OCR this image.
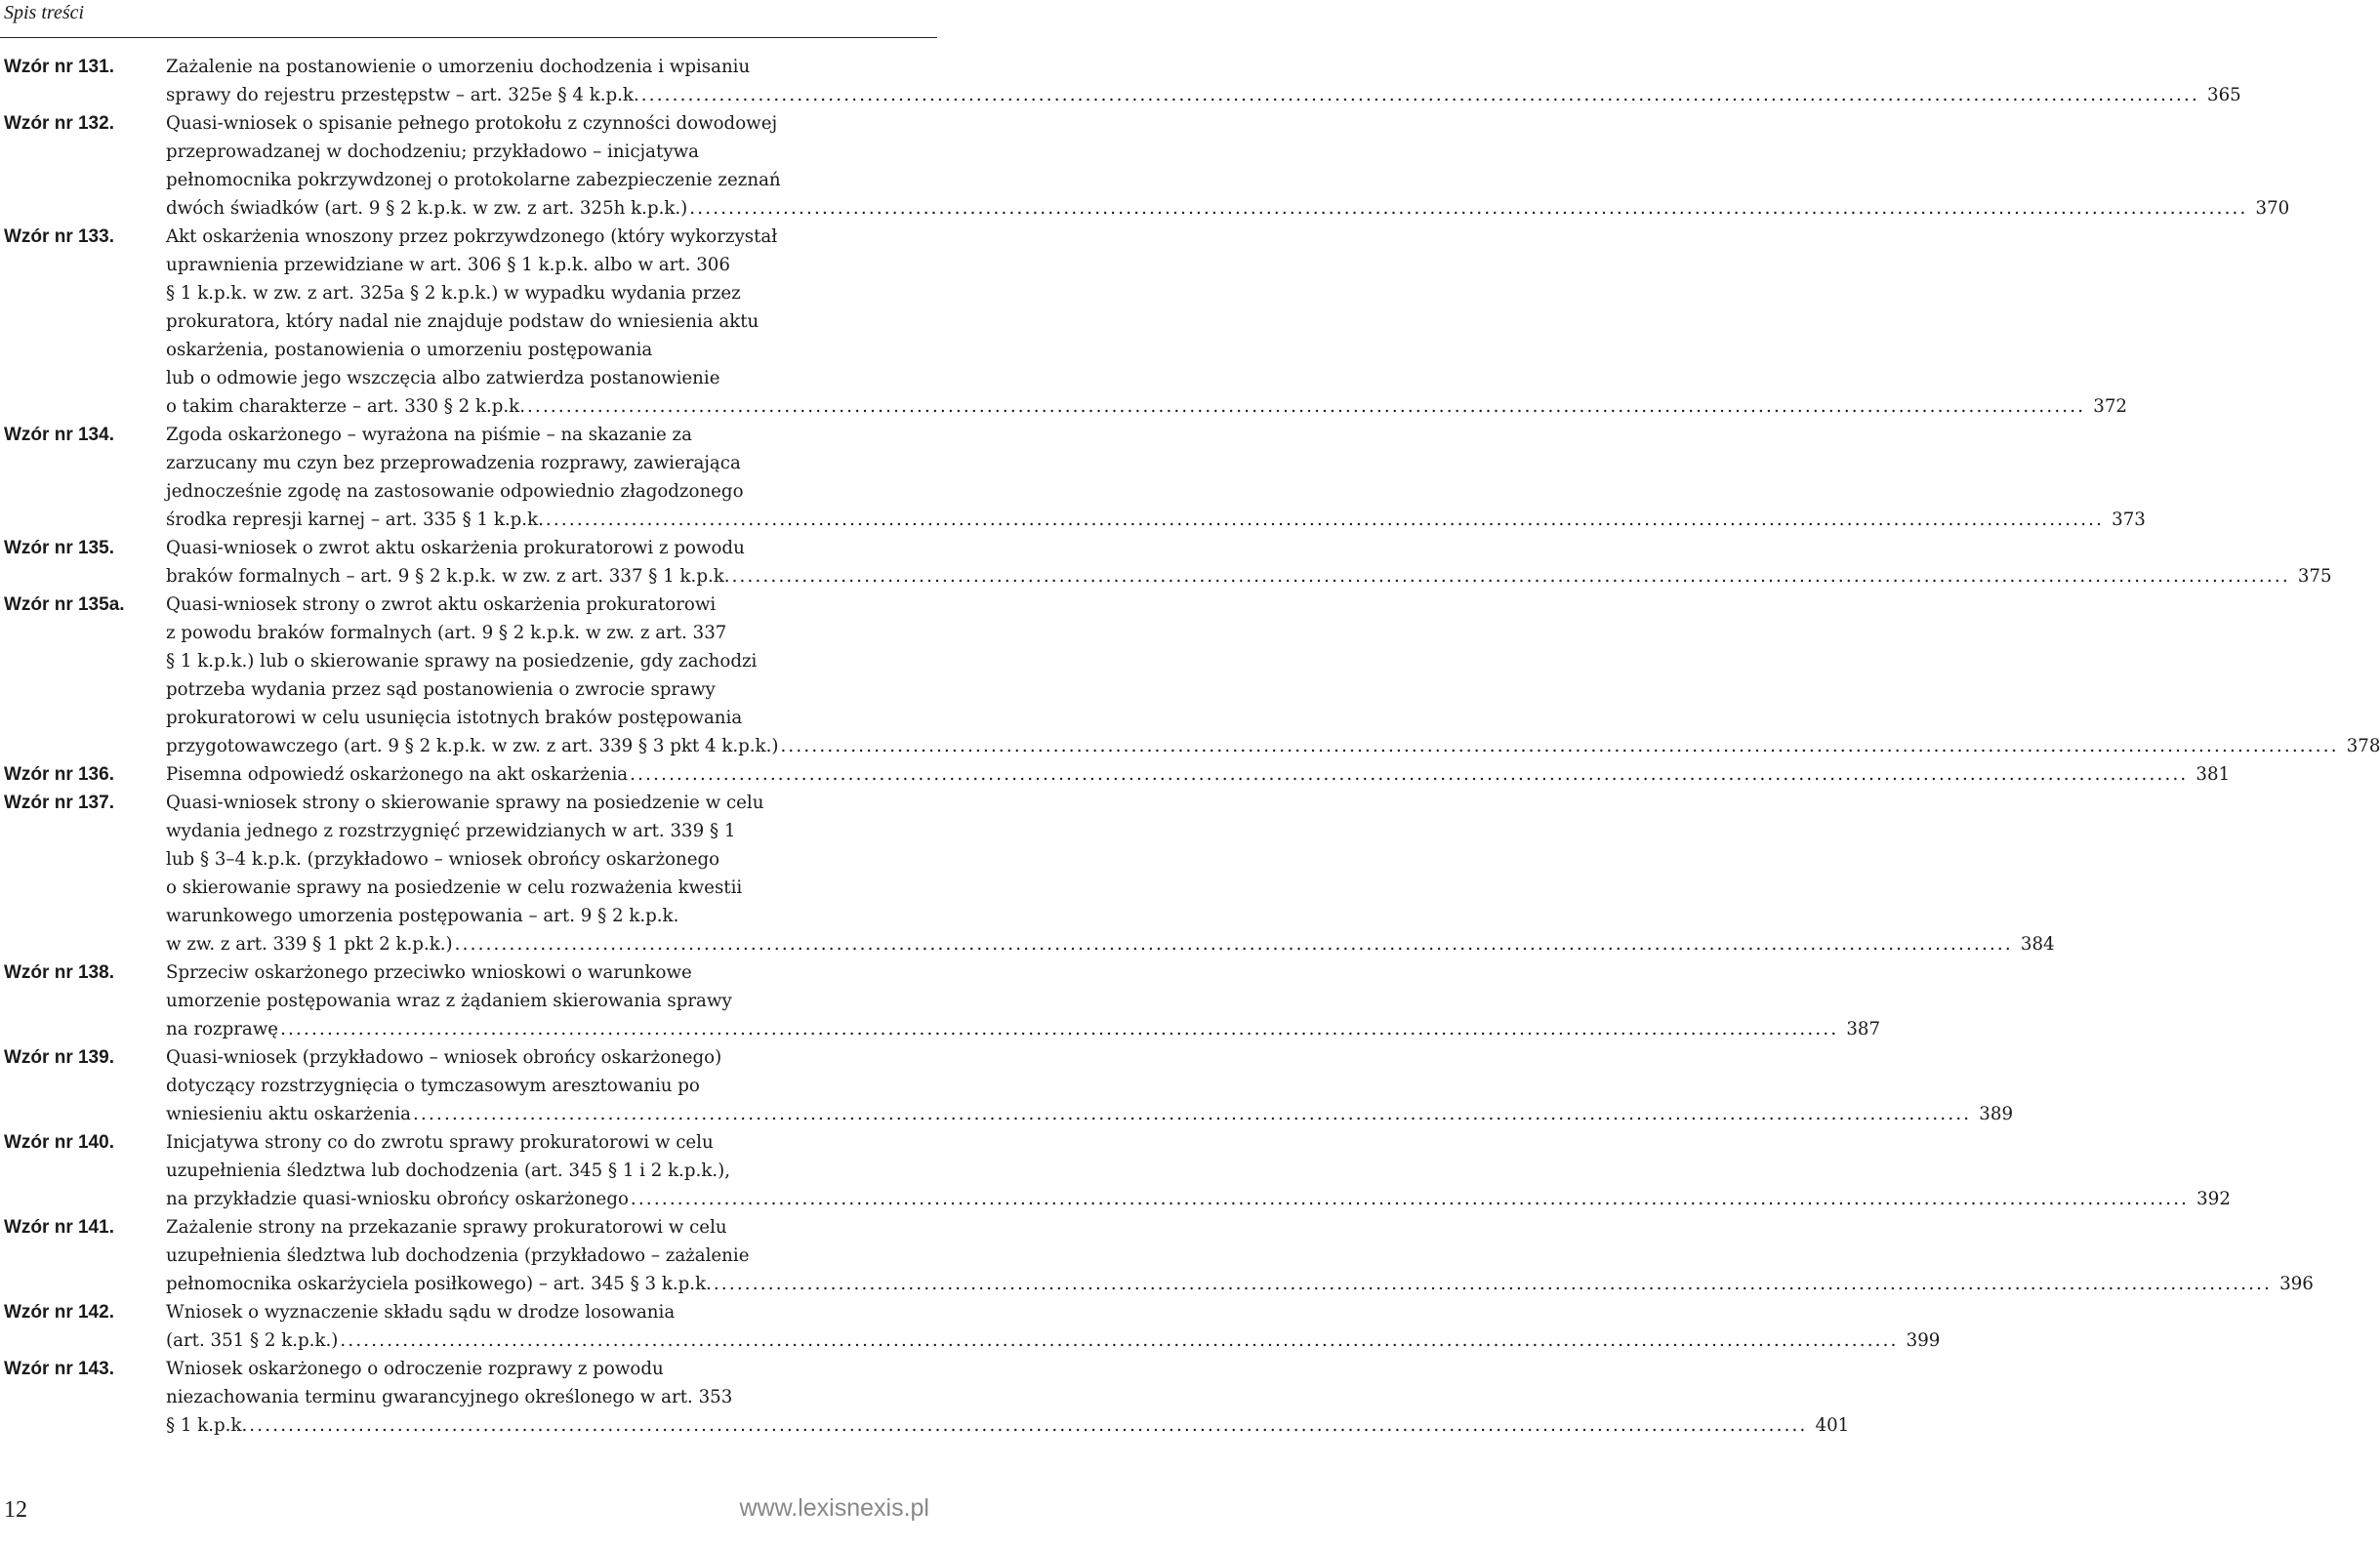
Spis treści
Wzór nr 131.	Zażalenie na postanowienie o umorzeniu dochodzenia i wpisaniu
sprawy do rejestru przestępstw – art. 325e § 4 k.p.k. ........................................................................................................................................................................................................ 365
Wzór nr 132.	Quasi-wniosek o spisanie pełnego protokołu z czynności dowodowej
przeprowadzanej w dochodzeniu; przykładowo – inicjatywa
pełnomocnika pokrzywdzonej o protokolarne zabezpieczenie zeznań
dwóch świadków (art. 9 § 2 k.p.k. w zw. z art. 325h k.p.k.) ........................................................................................................................................................................................................ 370
Wzór nr 133.	Akt oskarżenia wnoszony przez pokrzywdzonego (który wykorzystał
uprawnienia przewidziane w art. 306 § 1 k.p.k. albo w art. 306
§ 1 k.p.k. w zw. z art. 325a § 2 k.p.k.) w wypadku wydania przez
prokuratora, który nadal nie znajduje podstaw do wniesienia aktu
oskarżenia, postanowienia o umorzeniu postępowania
lub o odmowie jego wszczęcia albo zatwierdza postanowienie
o takim charakterze – art. 330 § 2 k.p.k. ........................................................................................................................................................................................................ 372
Wzór nr 134.	Zgoda oskarżonego – wyrażona na piśmie – na skazanie za
zarzucany mu czyn bez przeprowadzenia rozprawy, zawierająca
jednocześnie zgodę na zastosowanie odpowiednio złagodzonego
środka represji karnej – art. 335 § 1 k.p.k. ........................................................................................................................................................................................................ 373
Wzór nr 135.	Quasi-wniosek o zwrot aktu oskarżenia prokuratorowi z powodu
braków formalnych – art. 9 § 2 k.p.k. w zw. z art. 337 § 1 k.p.k. ........................................................................................................................................................................................................ 375
Wzór nr 135a.	Quasi-wniosek strony o zwrot aktu oskarżenia prokuratorowi
z powodu braków formalnych (art. 9 § 2 k.p.k. w zw. z art. 337
§ 1 k.p.k.) lub o skierowanie sprawy na posiedzenie, gdy zachodzi
potrzeba wydania przez sąd postanowienia o zwrocie sprawy
prokuratorowi w celu usunięcia istotnych braków postępowania
przygotowawczego (art. 9 § 2 k.p.k. w zw. z art. 339 § 3 pkt 4 k.p.k.) ........................................................................................................................................................................................................ 378
Wzór nr 136.	Pisemna odpowiedź oskarżonego na akt oskarżenia ........................................................................................................................................................................................................ 381
Wzór nr 137.	Quasi-wniosek strony o skierowanie sprawy na posiedzenie w celu
wydania jednego z rozstrzygnięć przewidzianych w art. 339 § 1
lub § 3–4 k.p.k. (przykładowo – wniosek obrońcy oskarżonego
o skierowanie sprawy na posiedzenie w celu rozważenia kwestii
warunkowego umorzenia postępowania – art. 9 § 2 k.p.k.
w zw. z art. 339 § 1 pkt 2 k.p.k.) ........................................................................................................................................................................................................ 384
Wzór nr 138.	Sprzeciw oskarżonego przeciwko wnioskowi o warunkowe
umorzenie postępowania wraz z żądaniem skierowania sprawy
na rozprawę ........................................................................................................................................................................................................ 387
Wzór nr 139.	Quasi-wniosek (przykładowo – wniosek obrońcy oskarżonego)
dotyczący rozstrzygnięcia o tymczasowym aresztowaniu po
wniesieniu aktu oskarżenia ........................................................................................................................................................................................................ 389
Wzór nr 140.	Inicjatywa strony co do zwrotu sprawy prokuratorowi w celu
uzupełnienia śledztwa lub dochodzenia (art. 345 § 1 i 2 k.p.k.),
na przykładzie quasi-wniosku obrońcy oskarżonego ........................................................................................................................................................................................................ 392
Wzór nr 141.	Zażalenie strony na przekazanie sprawy prokuratorowi w celu
uzupełnienia śledztwa lub dochodzenia (przykładowo – zażalenie
pełnomocnika oskarżyciela posiłkowego) – art. 345 § 3 k.p.k. ........................................................................................................................................................................................................ 396
Wzór nr 142.	Wniosek o wyznaczenie składu sądu w drodze losowania
(art. 351 § 2 k.p.k.) ........................................................................................................................................................................................................ 399
Wzór nr 143.	Wniosek oskarżonego o odroczenie rozprawy z powodu
niezachowania terminu gwarancyjnego określonego w art. 353
§ 1 k.p.k. ........................................................................................................................................................................................................ 401
12	www.lexisnexis.pl
